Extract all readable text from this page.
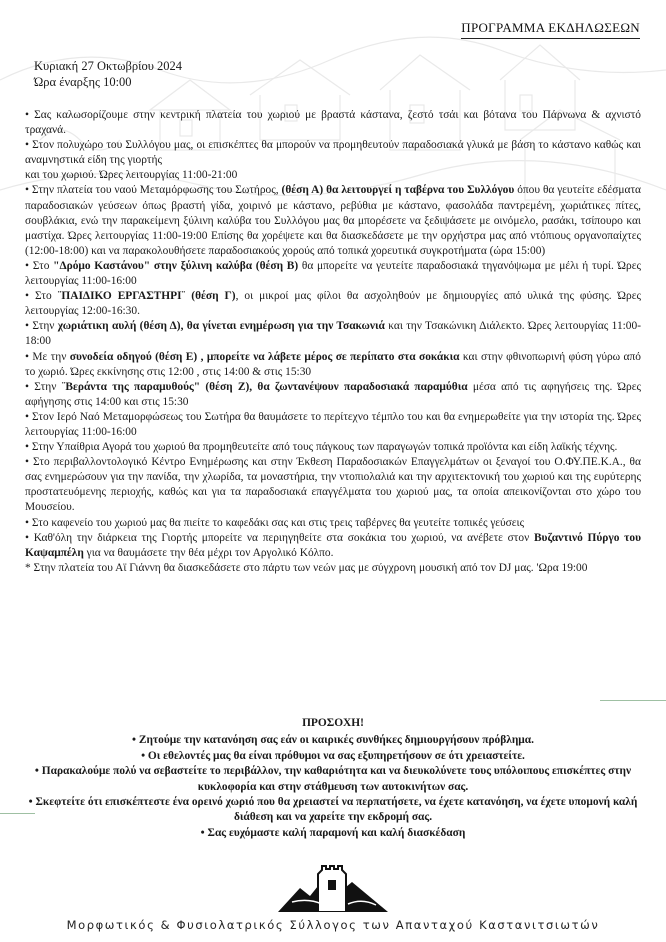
ΠΡΟΓΡΑΜΜΑ ΕΚΔΗΛΩΣΕΩΝ
Κυριακή 27 Οκτωβρίου 2024
Ώρα έναρξης 10:00

• Σας καλωσορίζουμε στην κεντρική πλατεία του χωριού με βραστά κάστανα, ζεστό τσάι και βότανα του Πάρνωνα & αχνιστό τραχανά.

• Στον πολυχώρο του Συλλόγου μας, οι επισκέπτες θα μπορούν να προμηθευτούν παραδοσιακά γλυκά με βάση το κάστανο καθώς και αναμνηστικά είδη της γιορτής

και του χωριού. Ώρες λειτουργίας 11:00-21:00

• Στην πλατεία του ναού Μεταμόρφωσης του Σωτήρος, (θέση Α) θα λειτουργεί η ταβέρνα του Συλλόγου όπου θα γευτείτε εδέσματα παραδοσιακών γεύσεων όπως βραστή γίδα, χοιρινό με κάστανο, ρεβύθια με κάστανο, φασολάδα παντρεμένη, χωριάτικες πίτες, σουβλάκια, ενώ την παρακείμενη ξύλινη καλύβα του Συλλόγου μας θα μπορέσετε να ξεδιψάσετε με οινόμελο, ρασάκι, τσίπουρο και μαστίχα. Ώρες λειτουργίας 11:00-19:00 Επίσης θα χορέψετε και θα διασκεδάσετε με την ορχήστρα μας από ντόπιους οργανοπαίχτες (12:00-18:00) και να παρακολουθήσετε παραδοσιακούς χορούς από τοπικά χορευτικά συγκροτήματα (ώρα 15:00)

• Στο "Δρόμο Καστάνου" στην ξύλινη καλύβα (θέση Β) θα μπορείτε να γευτείτε παραδοσιακά τηγανόψωμα με μέλι ή τυρί. Ώρες λειτουργίας 11:00-16:00

• Στο ¨ΠΑΙΔΙΚΟ ΕΡΓΑΣΤΗΡΙ¨ (θέση Γ), οι μικροί μας φίλοι θα ασχοληθούν με δημιουργίες από υλικά της φύσης. Ώρες λειτουργίας 12:00-16:30.

• Στην χωριάτικη αυλή (θέση Δ), θα γίνεται ενημέρωση για την Τσακωνιά και την Τσακώνικη Διάλεκτο. Ώρες λειτουργίας 11:00-18:00

• Με την συνοδεία οδηγού (θέση Ε) , μπορείτε να λάβετε μέρος σε περίπατο στα σοκάκια και στην φθινοπωρινή φύση γύρω από το χωριό. Ώρες εκκίνησης στις 12:00 , στις 14:00 & στις 15:30

• Στην ¨Βεράντα της παραμυθούς" (θέση Ζ), θα ζωντανέψουν παραδοσιακά παραμύθια μέσα από τις αφηγήσεις της. Ώρες αφήγησης στις 14:00 και στις 15:30

• Στον Ιερό Ναό Μεταμορφώσεως του Σωτήρα θα θαυμάσετε το περίτεχνο τέμπλο του και θα ενημερωθείτε για την ιστορία της. Ώρες λειτουργίας 11:00-16:00

• Στην Υπαίθρια Αγορά του χωριού θα προμηθευτείτε από τους πάγκους των παραγωγών τοπικά προϊόντα και είδη λαϊκής τέχνης.

• Στο περιβαλλοντολογικό Κέντρο Ενημέρωσης και στην Έκθεση Παραδοσιακών Επαγγελμάτων οι ξεναγοί του Ο.ΦΥ.ΠΕ.Κ.Α., θα σας ενημερώσουν για την πανίδα, την χλωρίδα, τα μοναστήρια, την ντοπιολαλιά και την αρχιτεκτονική του χωριού και της ευρύτερης προστατευόμενης περιοχής, καθώς και για τα παραδοσιακά επαγγέλματα του χωριού μας, τα οποία απεικονίζονται στο χώρο του Μουσείου.

• Στο καφενείο του χωριού μας θα πιείτε το καφεδάκι σας και στις τρεις ταβέρνες θα γευτείτε τοπικές γεύσεις

• Καθ'όλη την διάρκεια της Γιορτής μπορείτε να περιηγηθείτε στα σοκάκια του χωριού, να ανέβετε στον Βυζαντινό Πύργο του Καψαμπέλη για να θαυμάσετε την θέα μέχρι τον Αργολικό Κόλπο.

* Στην πλατεία του Αϊ Γιάννη θα διασκεδάσετε στο πάρτυ των νεών μας με σύγχρονη μουσική από τον DJ μας. 'Ωρα 19:00

ΠΡΟΣΟΧΗ!

• Ζητούμε την κατανόηση σας εάν οι καιρικές συνθήκες δημιουργήσουν πρόβλημα.

• Οι εθελοντές μας θα είναι πρόθυμοι να σας εξυπηρετήσουν σε ότι χρειαστείτε.

• Παρακαλούμε πολύ να σεβαστείτε το περιβάλλον, την καθαριότητα και να διευκολύνετε τους υπόλοιπους επισκέπτες στην κυκλοφορία και στην στάθμευση των αυτοκινήτων σας.

• Σκεφτείτε ότι επισκέπτεστε ένα ορεινό χωριό που θα χρειαστεί να περπατήσετε, να έχετε κατανόηση, να έχετε υπομονή καλή διάθεση και να χαρείτε την εκδρομή σας.

• Σας ευχόμαστε καλή παραμονή και καλή διασκέδαση

Μορφωτικός & Φυσιολατρικός Σύλλογος των Απανταχού Καστανιτσιωτών
